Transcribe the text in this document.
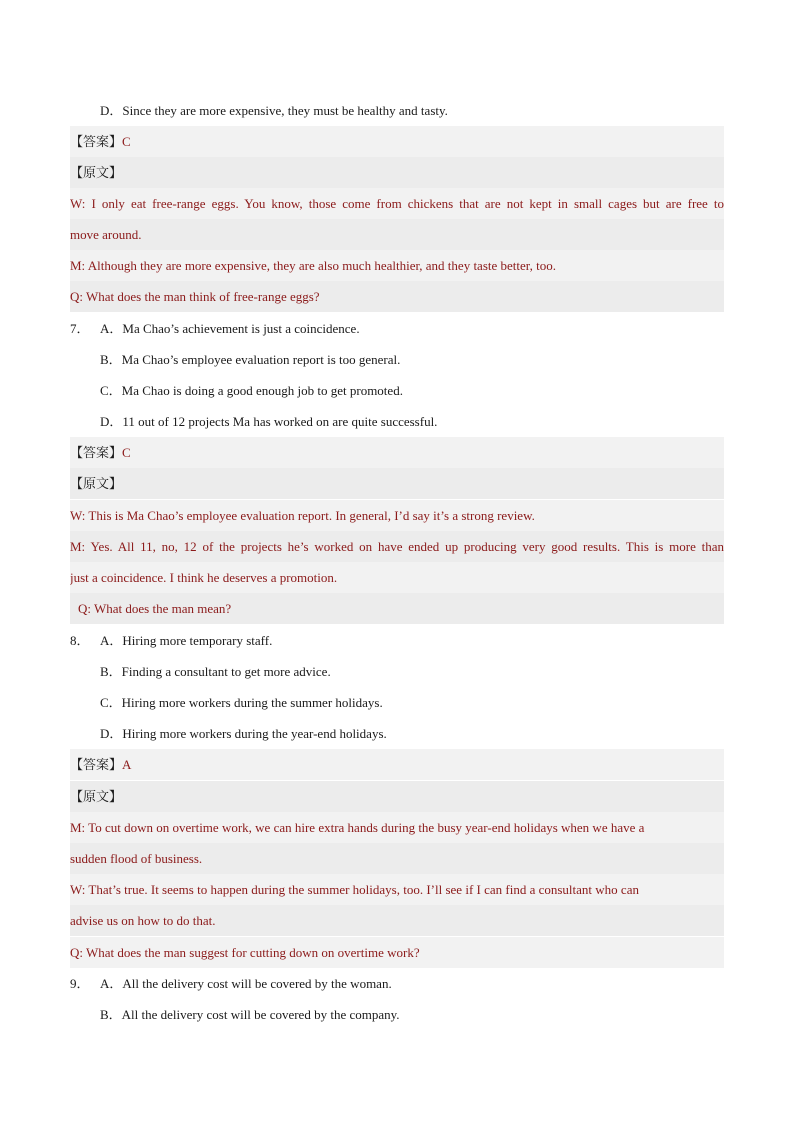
D．Since they are more expensive, they must be healthy and tasty.
【答案】C
【原文】
W: I only eat free-range eggs. You know, those come from chickens that are not kept in small cages but are free to
move around.
M: Although they are more expensive, they are also much healthier, and they taste better, too.
Q: What does the man think of free-range eggs?
7． A．Ma Chao’s achievement is just a coincidence.
B．Ma Chao’s employee evaluation report is too general.
C．Ma Chao is doing a good enough job to get promoted.
D．11 out of 12 projects Ma has worked on are quite successful.
【答案】C
【原文】
W: This is Ma Chao’s employee evaluation report. In general, I’d say it’s a strong review.
M: Yes. All 11, no, 12 of the projects he’s worked on have ended up producing very good results. This is more than
just a coincidence. I think he deserves a promotion.
Q: What does the man mean?
8． A．Hiring more temporary staff.
B．Finding a consultant to get more advice.
C．Hiring more workers during the summer holidays.
D．Hiring more workers during the year-end holidays.
【答案】A
【原文】
M: To cut down on overtime work, we can hire extra hands during the busy year-end holidays when we have a
sudden flood of business.
W: That’s true. It seems to happen during the summer holidays, too. I’ll see if I can find a consultant who can
advise us on how to do that.
Q: What does the man suggest for cutting down on overtime work?
9． A．All the delivery cost will be covered by the woman.
B．All the delivery cost will be covered by the company.
